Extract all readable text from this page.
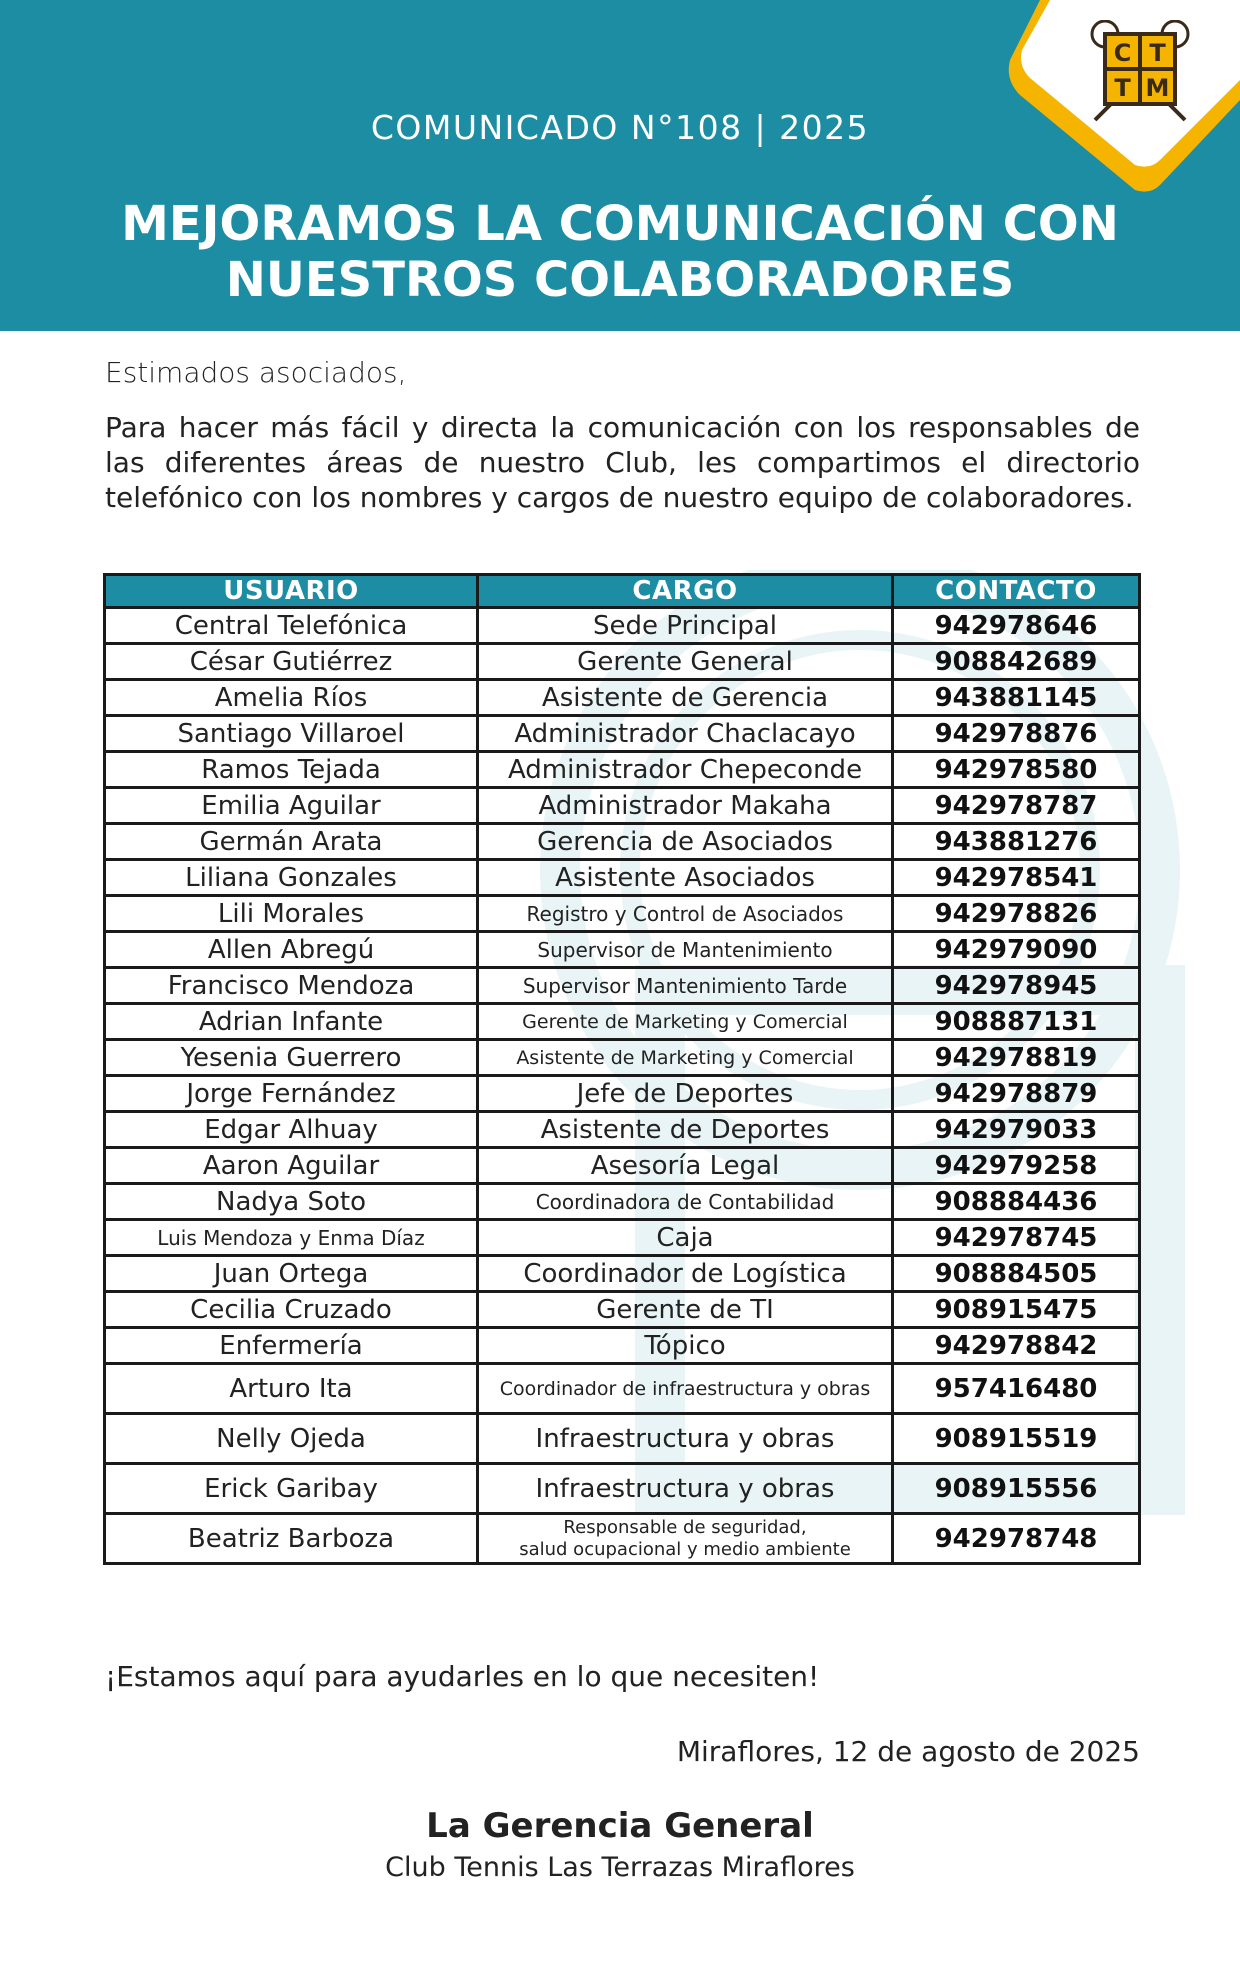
C T
T M
COMUNICADO N°108 | 2025
MEJORAMOS LA COMUNICACIÓN CON
NUESTROS COLABORADORES
Estimados asociados,
Para hacer más fácil y directa la comunicación con los responsables de las diferentes áreas de nuestro Club, les compartimos el directorio telefónico con los nombres y cargos de nuestro equipo de colaboradores.
USUARIO	CARGO	CONTACTO
Central Telefónica	Sede Principal	942978646
César Gutiérrez	Gerente General	908842689
Amelia Ríos	Asistente de Gerencia	943881145
Santiago Villaroel	Administrador Chaclacayo	942978876
Ramos Tejada	Administrador Chepeconde	942978580
Emilia Aguilar	Administrador Makaha	942978787
Germán Arata	Gerencia de Asociados	943881276
Liliana Gonzales	Asistente Asociados	942978541
Lili Morales	Registro y Control de Asociados	942978826
Allen Abregú	Supervisor de Mantenimiento	942979090
Francisco Mendoza	Supervisor Mantenimiento Tarde	942978945
Adrian Infante	Gerente de Marketing y Comercial	908887131
Yesenia Guerrero	Asistente de Marketing y Comercial	942978819
Jorge Fernández	Jefe de Deportes	942978879
Edgar Alhuay	Asistente de Deportes	942979033
Aaron Aguilar	Asesoría Legal	942979258
Nadya Soto	Coordinadora de Contabilidad	908884436
Luis Mendoza y Enma Díaz	Caja	942978745
Juan Ortega	Coordinador de Logística	908884505
Cecilia Cruzado	Gerente de TI	908915475
Enfermería	Tópico	942978842
Arturo Ita	Coordinador de infraestructura y obras	957416480
Nelly Ojeda	Infraestructura y obras	908915519
Erick Garibay	Infraestructura y obras	908915556
Beatriz Barboza	Responsable de seguridad,
salud ocupacional y medio ambiente	942978748
¡Estamos aquí para ayudarles en lo que necesiten!
Miraflores, 12 de agosto de 2025
La Gerencia General
Club Tennis Las Terrazas Miraflores
